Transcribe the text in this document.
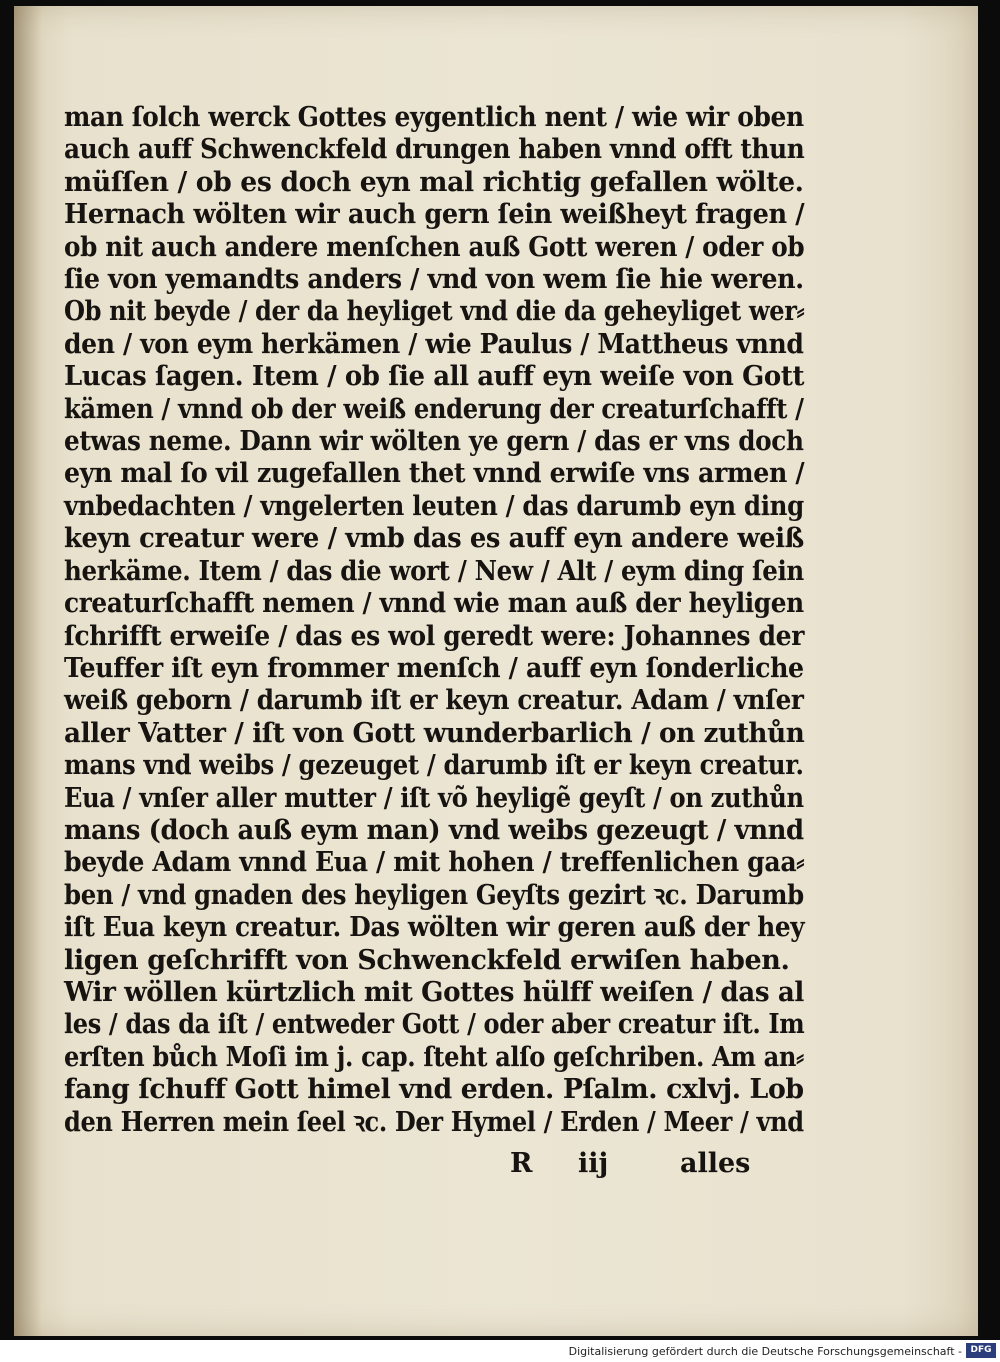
man ſolch werck Gottes eygentlich nent / wie wir oben
auch auff Schwenckfeld drungen haben vnnd offt thun
müſſen / ob es doch eyn mal richtig gefallen wölte.
Hernach wölten wir auch gern ſein weißheyt fragen /
ob nit auch andere menſchen auß Gott weren / oder ob
ſie von yemandts anders / vnd von wem ſie hie weren.
Ob nit beyde / der da heyliget vnd die da geheyliget wer⸗
den / von eym herkämen / wie Paulus / Mattheus vnnd
Lucas ſagen. Item / ob ſie all auff eyn weiſe von Gott
kämen / vnnd ob der weiß enderung der creaturſchafft /
etwas neme. Dann wir wölten ye gern / das er vns doch
eyn mal ſo vil zugefallen thet vnnd erwiſe vns armen /
vnbedachten / vngelerten leuten / das darumb eyn ding
keyn creatur were / vmb das es auff eyn andere weiß
herkäme. Item / das die wort / New / Alt / eym ding ſein
creaturſchafft nemen / vnnd wie man auß der heyligen
ſchrifft erweiſe / das es wol geredt were: Johannes der
Teuffer iſt eyn frommer menſch / auff eyn ſonderliche
weiß geborn / darumb iſt er keyn creatur. Adam / vnſer
aller Vatter / iſt von Gott wunderbarlich / on zuthůn
mans vnd weibs / gezeuget / darumb iſt er keyn creatur.
Eua / vnſer aller mutter / iſt võ heyligẽ geyſt / on zuthůn
mans (doch auß eym man) vnd weibs gezeugt / vnnd
beyde Adam vnnd Eua / mit hohen / treffenlichen gaa⸗
ben / vnd gnaden des heyligen Geyſts gezirt ꝛc. Darumb
iſt Eua keyn creatur. Das wölten wir geren auß der hey
ligen geſchrifft von Schwenckfeld erwiſen haben.
Wir wöllen kürtzlich mit Gottes hülff weiſen / das al
les / das da iſt / entweder Gott / oder aber creatur iſt. Im
erſten bůch Moſi im j. cap. ſteht alſo geſchriben. Am an⸗
fang ſchuff Gott himel vnd erden. Pſalm. cxlvj. Lob
den Herren mein ſeel ꝛc. Der Hymel / Erden / Meer / vnd
R iij	alles
Digitalisierung gefördert durch die Deutsche Forschungsgemeinschaft - DFG
